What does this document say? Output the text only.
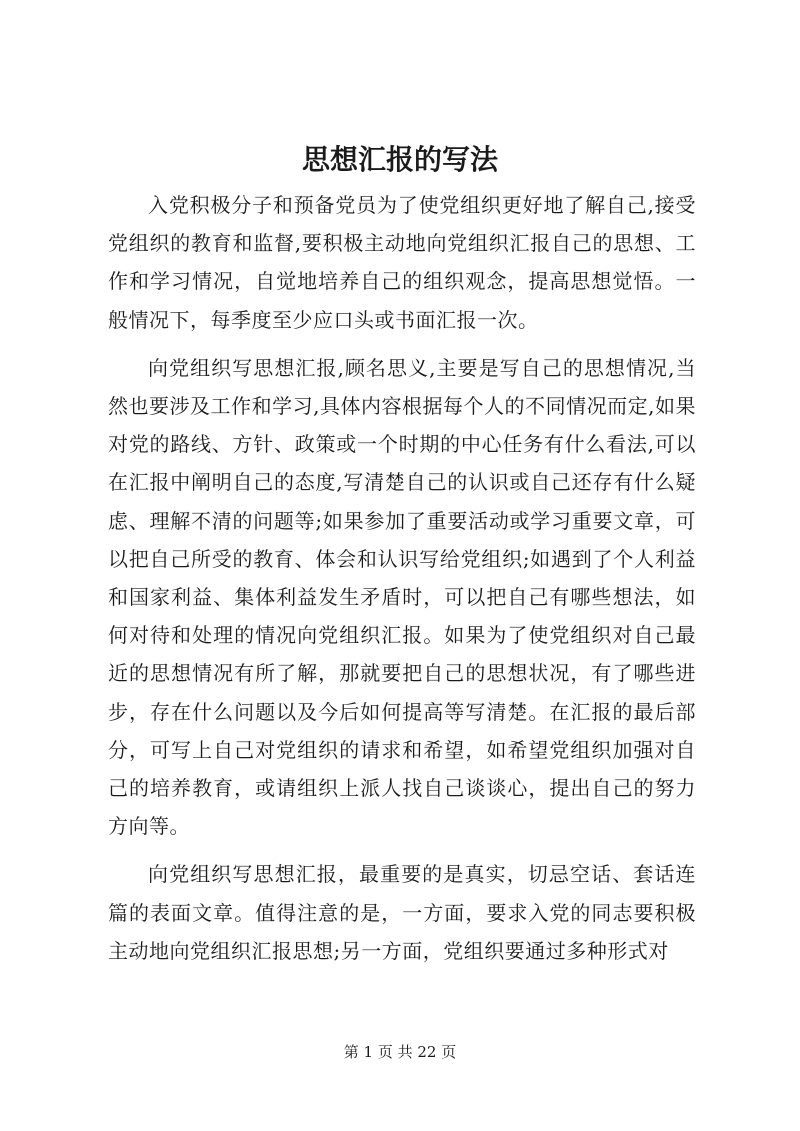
思想汇报的写法

入党积极分子和预备党员为了使党组织更好地了解自己,接受党组织的教育和监督,要积极主动地向党组织汇报自己的思想、工作和学习情况，自觉地培养自己的组织观念，提高思想觉悟。一般情况下，每季度至少应口头或书面汇报一次。

向党组织写思想汇报,顾名思义,主要是写自己的思想情况,当然也要涉及工作和学习,具体内容根据每个人的不同情况而定,如果对党的路线、方针、政策或一个时期的中心任务有什么看法,可以在汇报中阐明自己的态度,写清楚自己的认识或自己还存有什么疑虑、理解不清的问题等;如果参加了重要活动或学习重要文章，可以把自己所受的教育、体会和认识写给党组织;如遇到了个人利益和国家利益、集体利益发生矛盾时，可以把自己有哪些想法，如何对待和处理的情况向党组织汇报。如果为了使党组织对自己最近的思想情况有所了解，那就要把自己的思想状况，有了哪些进步，存在什么问题以及今后如何提高等写清楚。在汇报的最后部分，可写上自己对党组织的请求和希望，如希望党组织加强对自己的培养教育，或请组织上派人找自己谈谈心，提出自己的努力方向等。

向党组织写思想汇报，最重要的是真实，切忌空话、套话连篇的表面文章。值得注意的是，一方面，要求入党的同志要积极主动地向党组织汇报思想;另一方面，党组织要通过多种形式对

第 1 页 共 22 页
